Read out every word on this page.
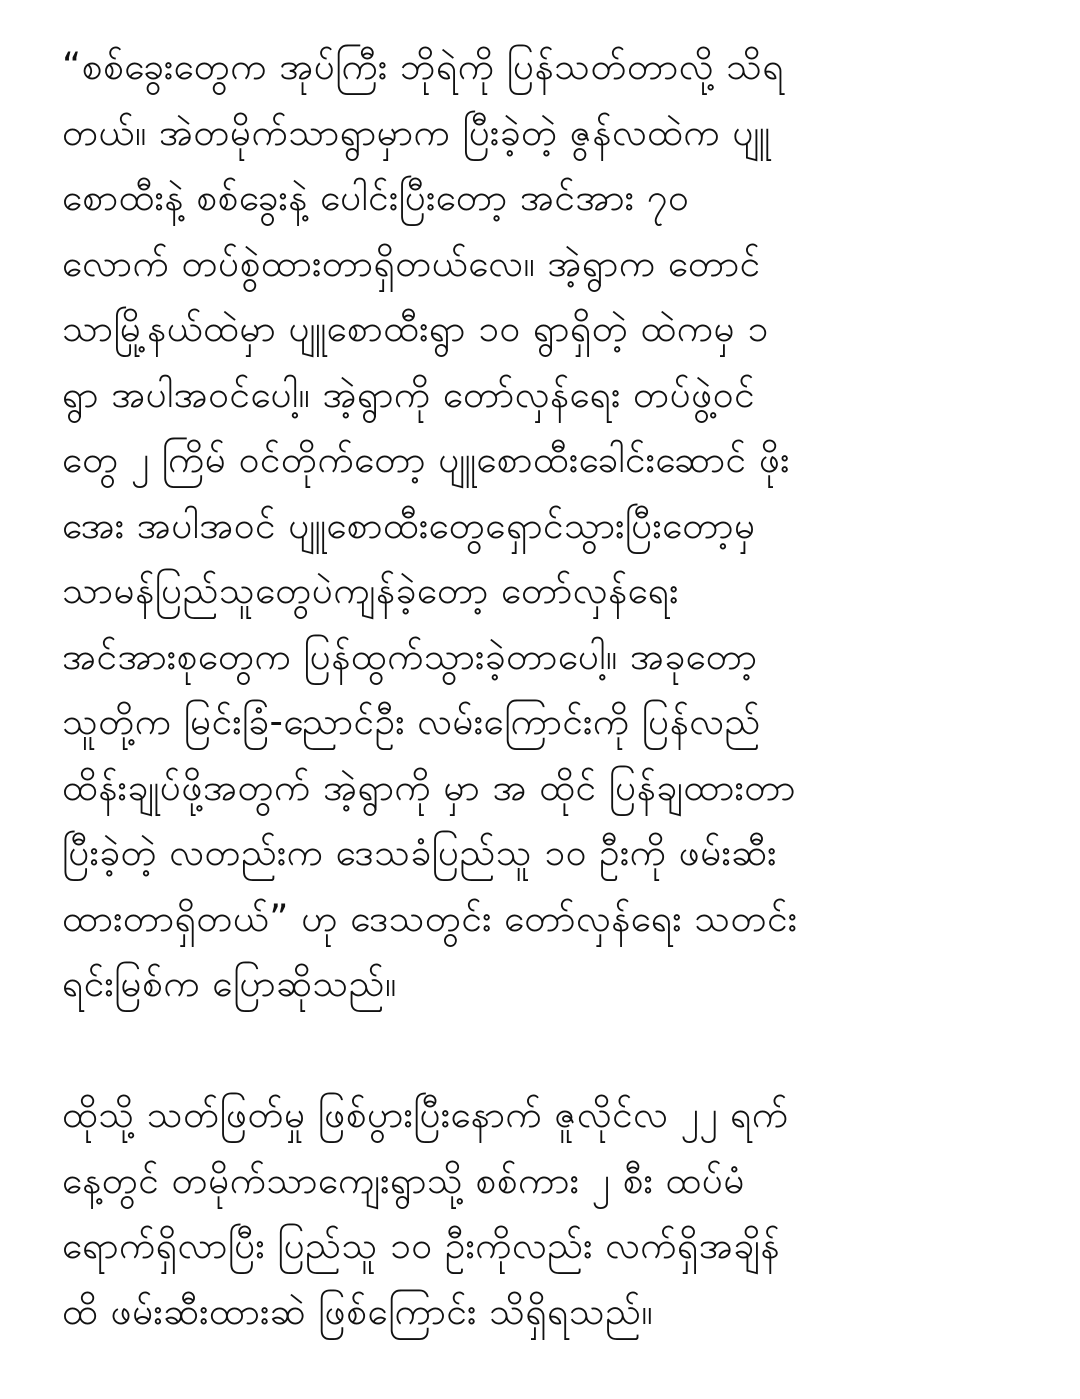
“စစ်ခွေးတွေက အုပ်ကြီး ဘိုရဲကို ပြန်သတ်တာလို့ သိရ
တယ်။ အဲတမိုက်သာရွာမှာက ပြီးခဲ့တဲ့ ဇွန်လထဲက ပျူ
စောထီးနဲ့ စစ်ခွေးနဲ့ ပေါင်းပြီးတော့ အင်အား ၇၀
လောက် တပ်စွဲထားတာရှိတယ်လေ။ အဲ့ရွာက တောင်
သာမြို့နယ်ထဲမှာ ပျူစောထီးရွာ ၁၀ ရွာရှိတဲ့ ထဲကမှ ၁
ရွာ အပါအဝင်ပေါ့။ အဲ့ရွာကို တော်လှန်ရေး တပ်ဖွဲ့ဝင်
တွေ ၂ ကြိမ် ဝင်တိုက်တော့ ပျူစောထီးခေါင်းဆောင် ဖိုး
အေး အပါအဝင် ပျူစောထီးတွေရှောင်သွားပြီးတော့မှ
သာမန်ပြည်သူတွေပဲကျန်ခဲ့တော့ တော်လှန်ရေး
အင်အားစုတွေက ပြန်ထွက်သွားခဲ့တာပေါ့။ အခုတော့
သူတို့က မြင်းခြံ-ညောင်ဦး လမ်းကြောင်းကို ပြန်လည်
ထိန်းချုပ်ဖို့အတွက် အဲ့ရွာကို မှာ အ ထိုင် ပြန်ချထားတာ
ပြီးခဲ့တဲ့ လတည်းက ဒေသခံပြည်သူ ၁၀ ဦးကို ဖမ်းဆီး
ထားတာရှိတယ်” ဟု ဒေသတွင်း တော်လှန်ရေး သတင်း
ရင်းမြစ်က ပြောဆိုသည်။
ထိုသို့ သတ်ဖြတ်မှု ဖြစ်ပွားပြီးနောက် ဇူလိုင်လ ၂၂ ရက်
နေ့တွင် တမိုက်သာကျေးရွာသို့ စစ်ကား ၂ စီး ထပ်မံ
ရောက်ရှိလာပြီး ပြည်သူ ၁၀ ဦးကိုလည်း လက်ရှိအချိန်
ထိ ဖမ်းဆီးထားဆဲ ဖြစ်ကြောင်း သိရှိရသည်။
